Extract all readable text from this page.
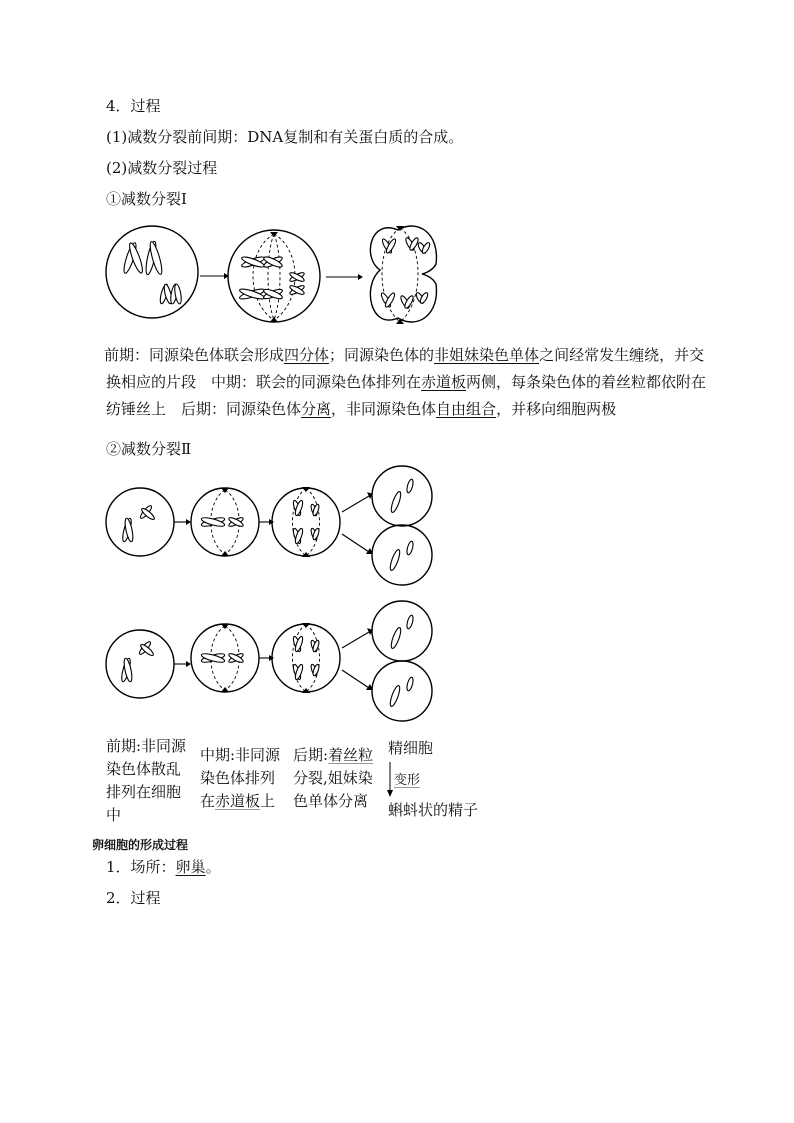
4．过程
(1)减数分裂前间期：DNA复制和有关蛋白质的合成。
(2)减数分裂过程
①减数分裂Ⅰ
前期：同源染色体联会形成四分体；同源染色体的非姐妹染色单体之间经常发生缠绕，并交换相应的片段　中期：联会的同源染色体排列在赤道板两侧，每条染色体的着丝粒都依附在纺锤丝上　后期：同源染色体分离，非同源染色体自由组合，并移向细胞两极
②减数分裂Ⅱ
前期:非同源染色体散乱排列在细胞中
中期:非同源染色体排列在赤道板上
后期:着丝粒分裂,姐妹染色单体分离
精细胞
变形
蝌蚪状的精子
卵细胞的形成过程
1．场所：卵巢。
2．过程
